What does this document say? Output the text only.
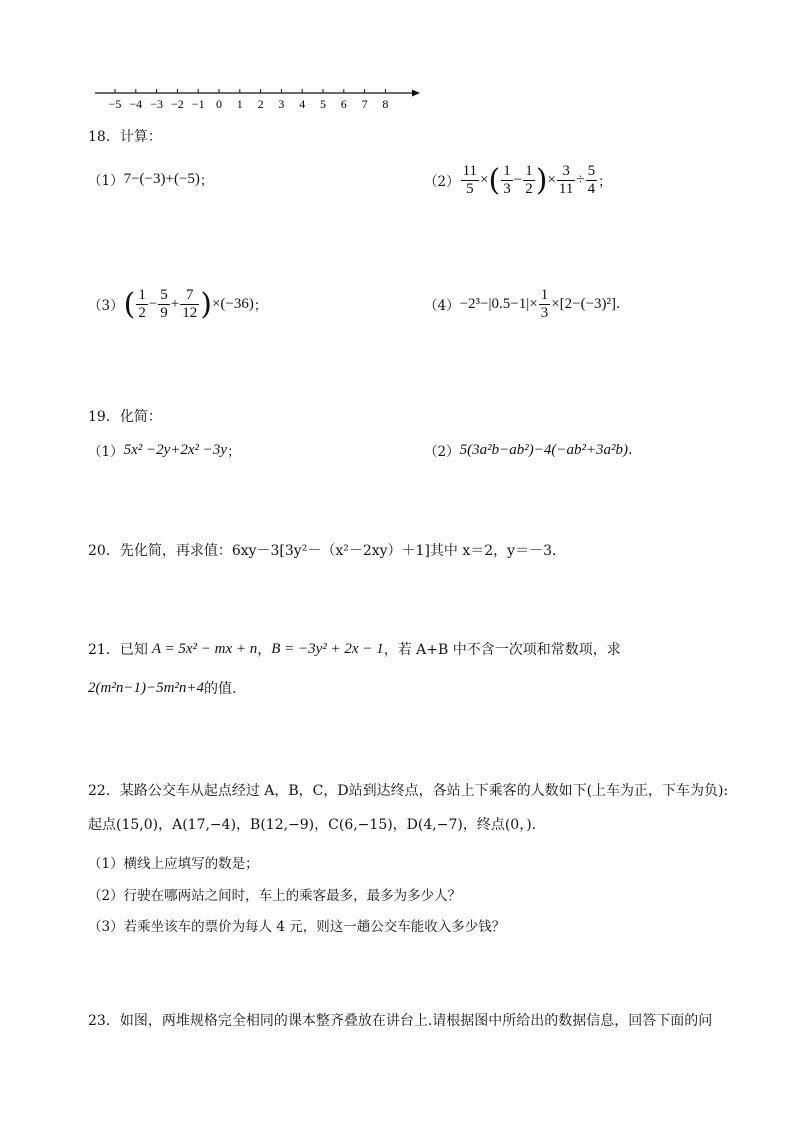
−5 −4 −3 −2 −1 0 1 2 3 4 5 6 7 8
18．计算：
（1） 7−(−3)+(−5) ；	$(2) \frac{11}{5}$ × ( $\frac{1}{3} - \frac{1}{2}$ ) × $\frac{3}{11} \div \frac{5}{4}$ ；
（3） ( $\frac{1}{2} - \frac{5}{9} + \frac{7}{12}$ ) ×(−36) ；	$(4) -2^3-|0.5-1|\times \frac{1}{3} \times[2-(-3)^2]$ .
19．化简：
（1） 5x² −2y+2x² −3y ；	（2） 5(3a²b−ab²)−4(−ab²+3a²b) .
20．先化简，再求值：6xy－3[3y²－（x²－2xy）＋1]其中 x＝2，y＝－3．
21．已知 A = 5x² − mx + n ， B = −3y² + 2x − 1 ，若 A+B 中不含一次项和常数项，求
2(m²n−1)−5m²n+4 的值.
22．某路公交车从起点经过 A，B，C，D站到达终点，各站上下乘客的人数如下(上车为正，下车为负):
起点(15,0)，A(17,−4)，B(12,−9)，C(6,−15)，D(4,−7)，终点(0，)．
（1）横线上应填写的数是；
（2）行驶在哪两站之间时，车上的乘客最多，最多为多少人？
（3）若乘坐该车的票价为每人 4 元，则这一趟公交车能收入多少钱？
23．如图，两堆规格完全相同的课本整齐叠放在讲台上.请根据图中所给出的数据信息，回答下面的问
